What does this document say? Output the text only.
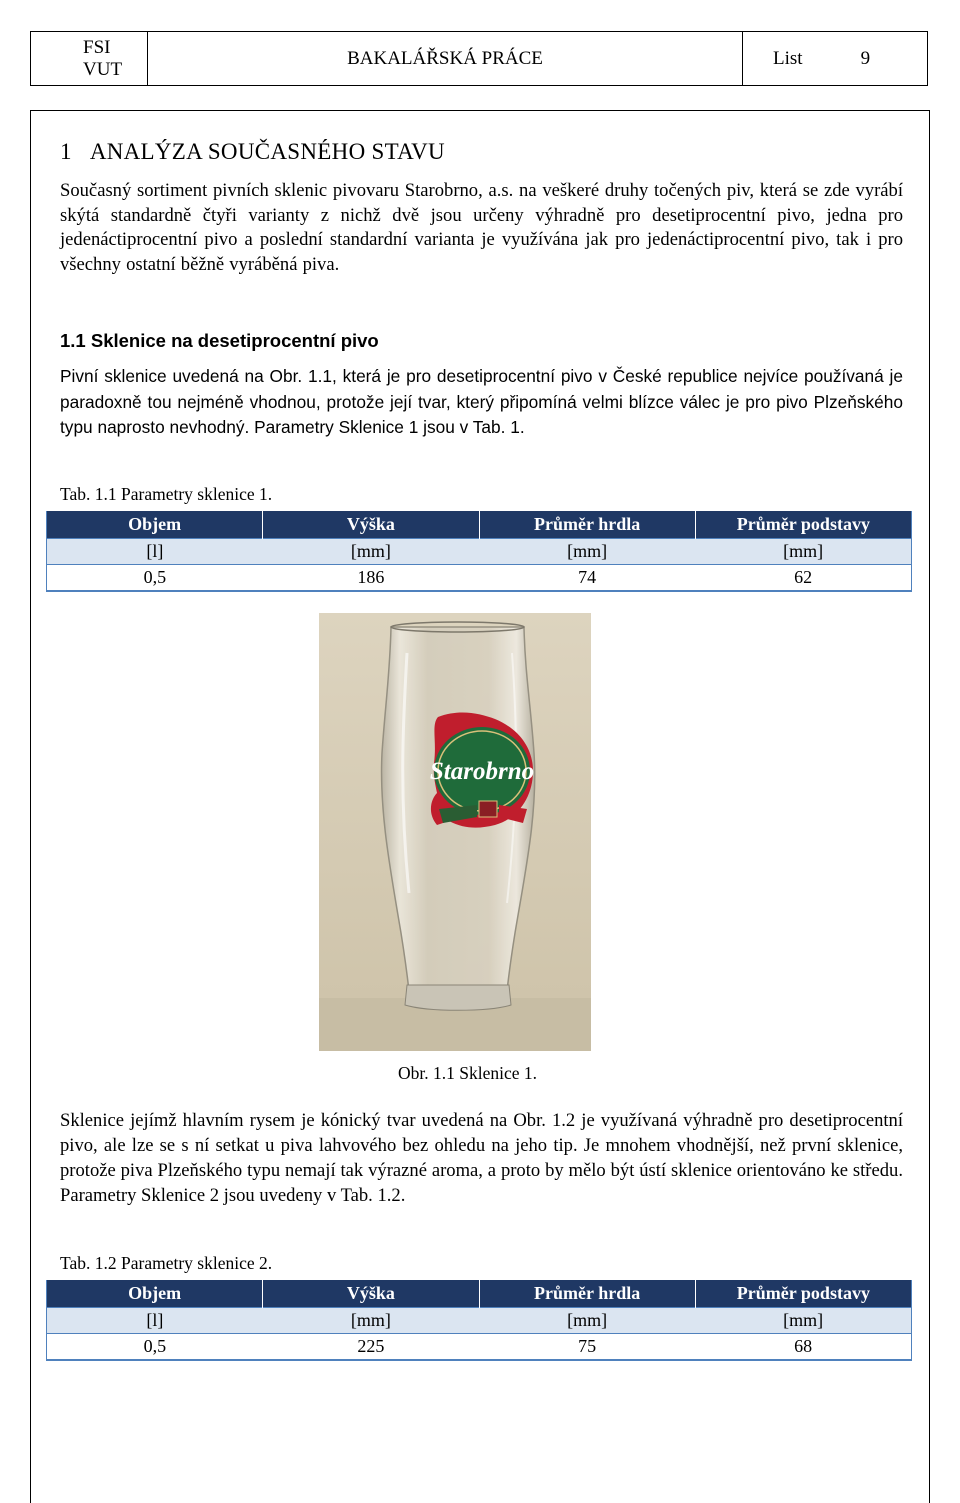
FSI VUT
BAKALÁŘSKÁ PRÁCE	List	9
1 ANALÝZA SOUČASNÉHO STAVU

Současný sortiment pivních sklenic pivovaru Starobrno, a.s. na veškeré druhy točených piv, která se zde vyrábí skýtá standardně čtyři varianty z nichž dvě jsou určeny výhradně pro desetiprocentní pivo, jedna pro jedenáctiprocentní pivo a poslední standardní varianta je využívána jak pro jedenáctiprocentní pivo, tak i pro všechny ostatní běžně vyráběná piva.

1.1 Sklenice na desetiprocentní pivo

Pivní sklenice uvedená na Obr. 1.1, která je pro desetiprocentní pivo v České republice nejvíce používaná je paradoxně tou nejméně vhodnou, protože její tvar, který připomíná velmi blízce válec je pro pivo Plzeňského typu naprosto nevhodný. Parametry Sklenice 1 jsou v Tab. 1.

Tab. 1.1 Parametry sklenice 1.
Objem	Výška	Průměr hrdla	Průměr podstavy
[l]	[mm]	[mm]	[mm]
0,5	186	74	62
Starobrno
Obr. 1.1 Sklenice 1.

Sklenice jejímž hlavním rysem je kónický tvar uvedená na Obr. 1.2 je využívaná výhradně pro desetiprocentní pivo, ale lze se s ní setkat u piva lahvového bez ohledu na jeho tip. Je mnohem vhodnější, než první sklenice, protože piva Plzeňského typu nemají tak výrazné aroma, a proto by mělo být ústí sklenice orientováno ke středu. Parametry Sklenice 2 jsou uvedeny v Tab. 1.2.

Tab. 1.2 Parametry sklenice 2.
Objem	Výška	Průměr hrdla	Průměr podstavy
[l]	[mm]	[mm]	[mm]
0,5	225	75	68
